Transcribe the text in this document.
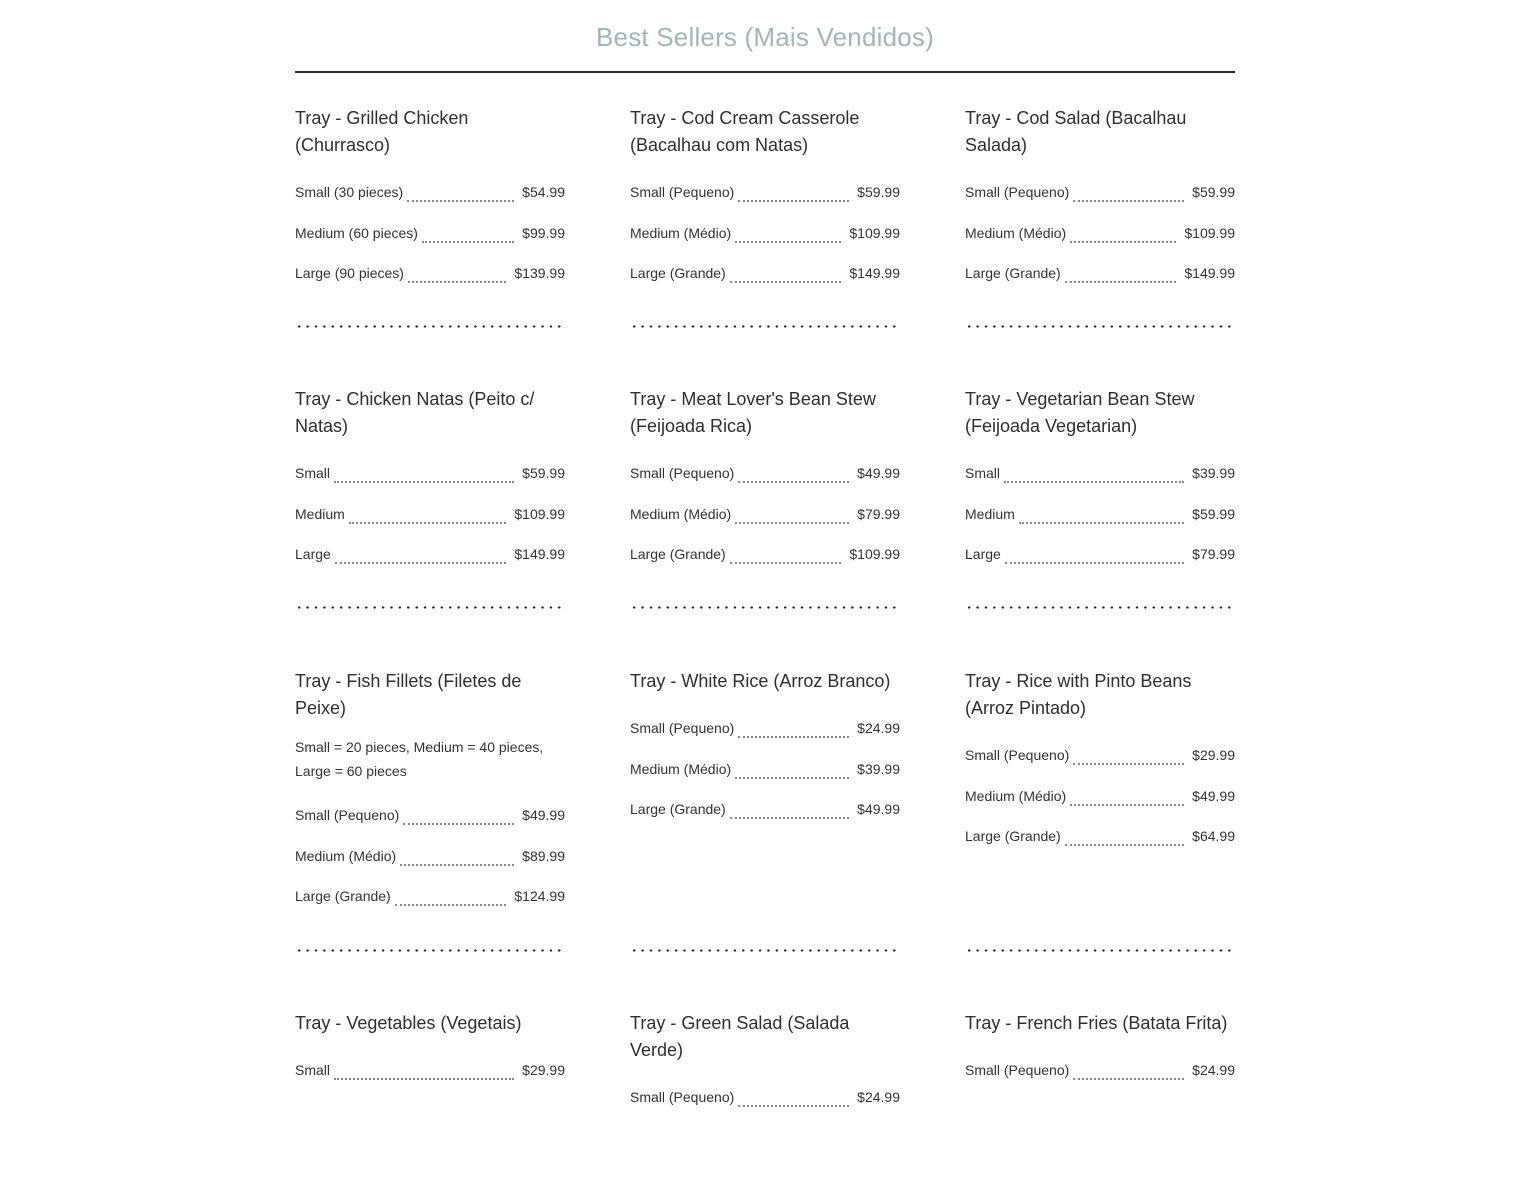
Best Sellers (Mais Vendidos)
Tray - Grilled Chicken (Churrasco)
Small (30 pieces)	$54.99
Medium (60 pieces)	$99.99
Large (90 pieces)	$139.99
Tray - Cod Cream Casserole (Bacalhau com Natas)
Small (Pequeno)	$59.99
Medium (Médio)	$109.99
Large (Grande)	$149.99
Tray - Cod Salad (Bacalhau Salada)
Small (Pequeno)	$59.99
Medium (Médio)	$109.99
Large (Grande)	$149.99
Tray - Chicken Natas (Peito c/ Natas)
Small	$59.99
Medium	$109.99
Large	$149.99
Tray - Meat Lover's Bean Stew (Feijoada Rica)
Small (Pequeno)	$49.99
Medium (Médio)	$79.99
Large (Grande)	$109.99
Tray - Vegetarian Bean Stew (Feijoada Vegetarian)
Small	$39.99
Medium	$59.99
Large	$79.99
Tray - Fish Fillets (Filetes de Peixe)

Small = 20 pieces, Medium = 40 pieces, Large = 60 pieces

Small (Pequeno)	$49.99
Medium (Médio)	$89.99
Large (Grande)	$124.99
Tray - White Rice (Arroz Branco)
Small (Pequeno)	$24.99
Medium (Médio)	$39.99
Large (Grande)	$49.99
Tray - Rice with Pinto Beans (Arroz Pintado)
Small (Pequeno)	$29.99
Medium (Médio)	$49.99
Large (Grande)	$64.99
Tray - Vegetables (Vegetais)
Small	$29.99
Tray - Green Salad (Salada Verde)
Small (Pequeno)	$24.99
Tray - French Fries (Batata Frita)
Small (Pequeno)	$24.99
